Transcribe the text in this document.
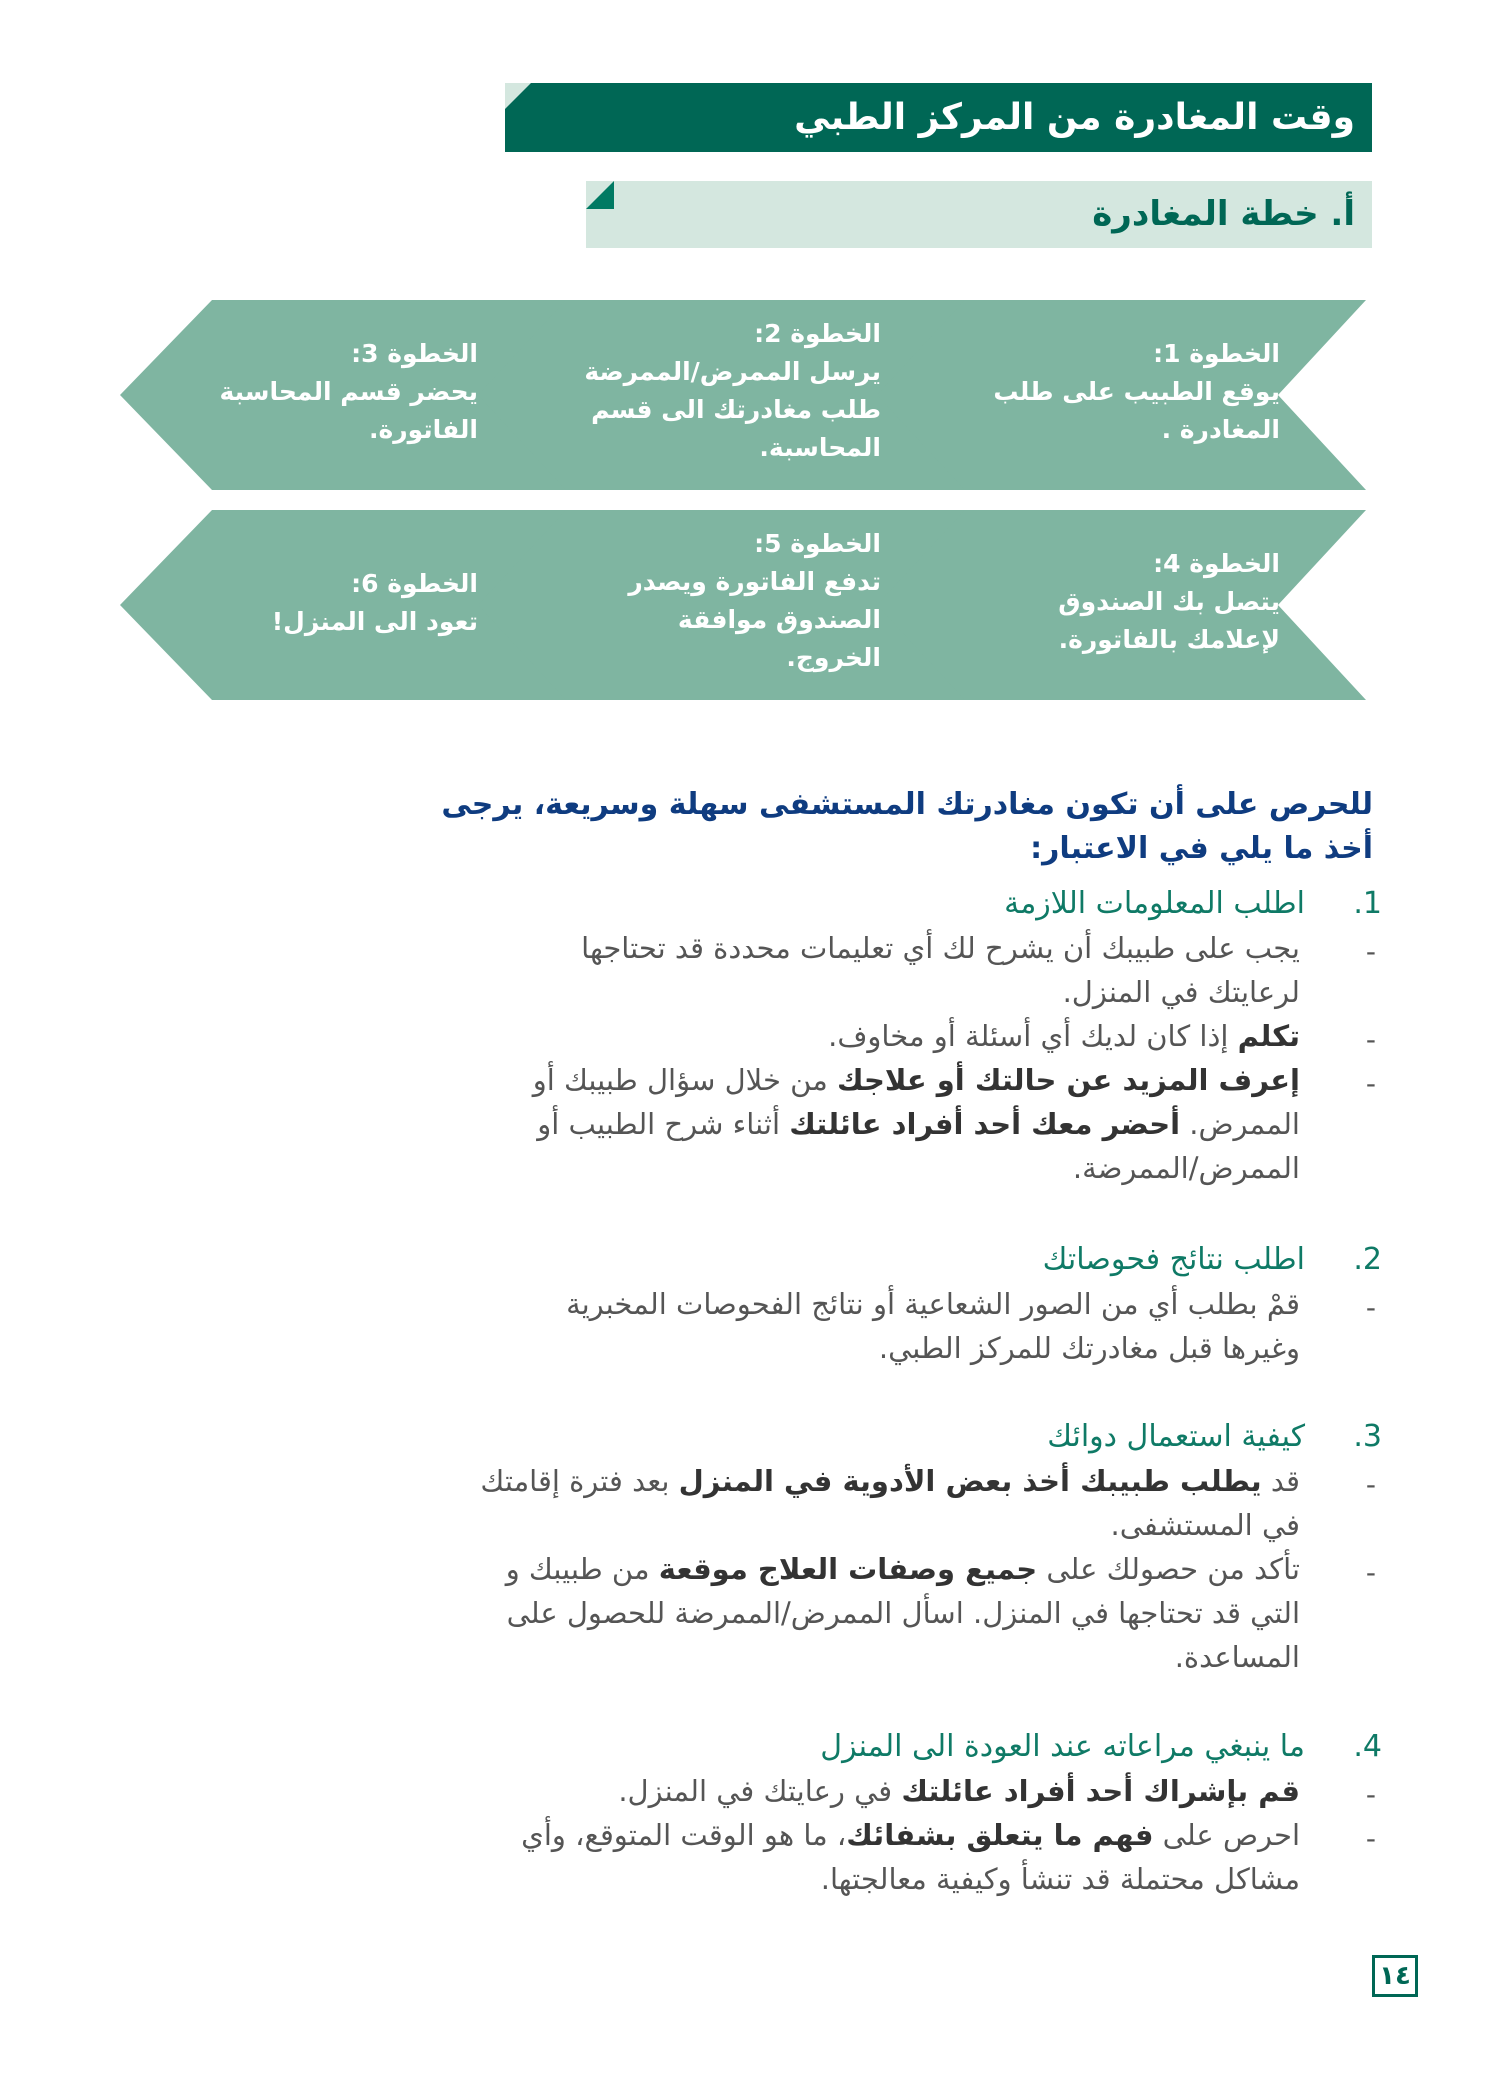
وقت المغادرة من المركز الطبي
أ. خطة المغادرة
الخطوة 1:
يوقع الطبيب على طلب
المغادرة .
الخطوة 2:
يرسل الممرض/الممرضة
طلب مغادرتك الى قسم
المحاسبة.
الخطوة 3:
يحضر قسم المحاسبة
الفاتورة.
الخطوة 4:
يتصل بك الصندوق
لإعلامك بالفاتورة.
الخطوة 5:
تدفع الفاتورة ويصدر
الصندوق موافقة
الخروج.
الخطوة 6:
تعود الى المنزل!
للحرص على أن تكون مغادرتك المستشفى سهلة وسريعة، يرجى
أخذ ما يلي في الاعتبار:
.1
اطلب المعلومات اللازمة
-
يجب على طبيبك أن يشرح لك أي تعليمات محددة قد تحتاجها
لرعايتك في المنزل.
-
تكلم إذا كان لديك أي أسئلة أو مخاوف.
-
إعرف المزيد عن حالتك أو علاجك من خلال سؤال طبيبك أو
الممرض. أحضر معك أحد أفراد عائلتك أثناء شرح الطبيب أو
الممرض/الممرضة.
.2
اطلب نتائج فحوصاتك
-
قمْ بطلب أي من الصور الشعاعية أو نتائج الفحوصات المخبرية
وغيرها قبل مغادرتك للمركز الطبي.
.3
كيفية استعمال دوائك
-
قد يطلب طبيبك أخذ بعض الأدوية في المنزل بعد فترة إقامتك
في المستشفى.
-
تأكد من حصولك على جميع وصفات العلاج موقعة من طبيبك و
التي قد تحتاجها في المنزل. اسأل الممرض/الممرضة للحصول على
المساعدة.
.4
ما ينبغي مراعاته عند العودة الى المنزل
-
قم بإشراك أحد أفراد عائلتك في رعايتك في المنزل.
-
احرص على فهم ما يتعلق بشفائك، ما هو الوقت المتوقع، وأي
مشاكل محتملة قد تنشأ وكيفية معالجتها.
١٤
